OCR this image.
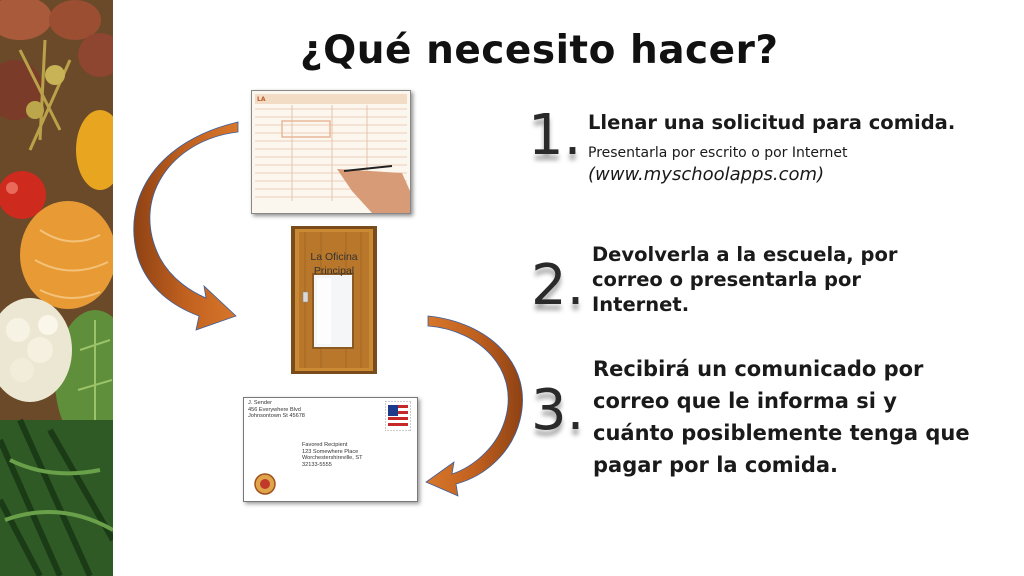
¿Qué necesito hacer?
LA
La Oficina Principal
J. Sender
456 Everywhere Blvd
Johnsontown St 45678
Favored Recipient
123 Somewhere Place
Worchestershireville, ST
32133-5555
1.
2.
3.
Llenar una solicitud para comida.
Presentarla por escrito o por Internet
(www.myschoolapps.com)
Devolverla a la escuela, por correo o presentarla por Internet.
Recibirá un comunicado por correo que le informa si y cuánto posiblemente tenga que pagar por la comida.
